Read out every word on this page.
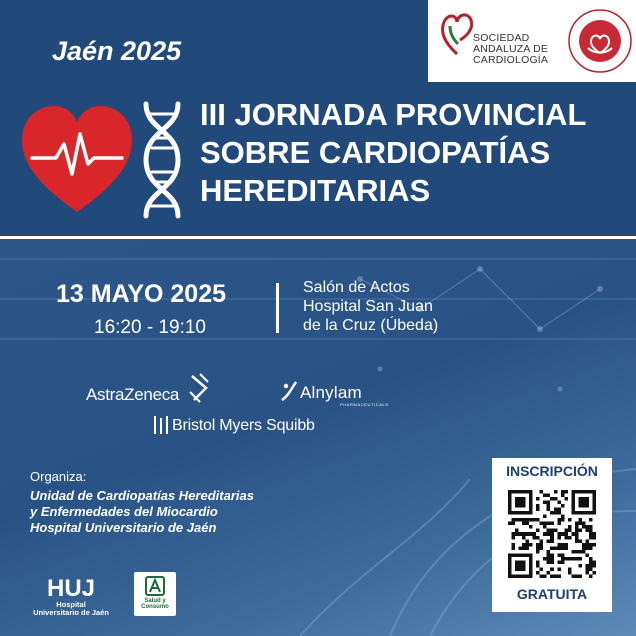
Jaén 2025	SOCIEDAD
ANDALUZA DE
CARDIOLOGÍA
III JORNADA PROVINCIAL
SOBRE CARDIOPATÍAS
HEREDITARIAS
13 MAYO 2025
16:20 - 19:10
Salón de Actos
Hospital San Juan
de la Cruz (Úbeda)
AstraZeneca	Alnylam
PHARMACEUTICALS
Bristol Myers Squibb
Organiza:
Unidad de Cardiopatías Hereditarias
y Enfermedades del Miocardio
Hospital Universitario de Jaén
HUJ
Hospital
Universitario de Jaén
Salud y
Consumo
INSCRIPCIÓN
GRATUITA
